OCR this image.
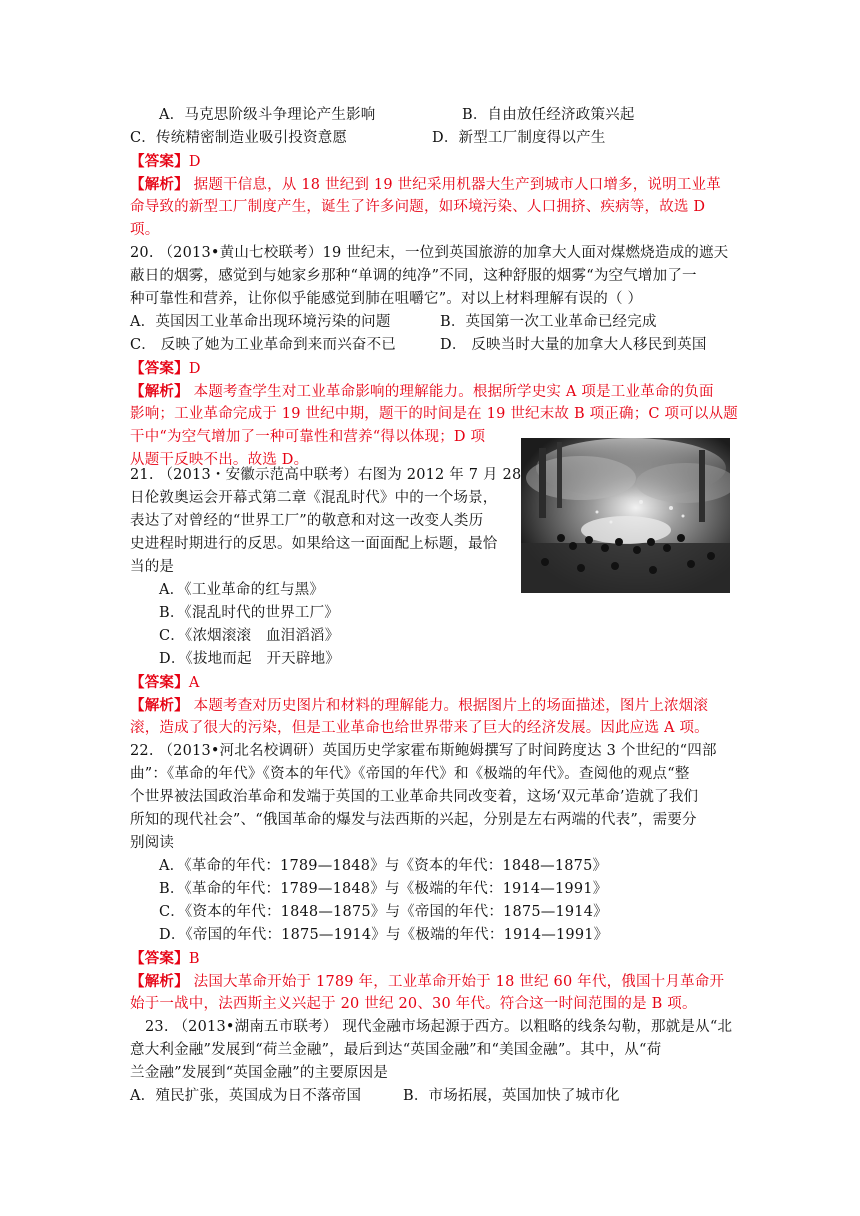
A．马克思阶级斗争理论产生影响	B．自由放任经济政策兴起
C．传统精密制造业吸引投资意愿	D．新型工厂制度得以产生
【答案】D
【解析】 据题干信息，从 18 世纪到 19 世纪采用机器大生产到城市人口增多，说明工业革
命导致的新型工厂制度产生，诞生了许多问题，如环境污染、人口拥挤、疾病等，故选 D
项。
20. （2013•黄山七校联考）19 世纪末，一位到英国旅游的加拿大人面对煤燃烧造成的遮天
蔽日的烟雾，感觉到与她家乡那种“单调的纯净”不同，这种舒服的烟雾“为空气增加了一
种可靠性和营养，让你似乎能感觉到肺在咀嚼它”。对以上材料理解有误的（ ）
A．英国因工业革命出现环境污染的问题	B．英国第一次工业革命已经完成
C． 反映了她为工业革命到来而兴奋不已	D． 反映当时大量的加拿大人移民到英国
【答案】D
【解析】 本题考查学生对工业革命影响的理解能力。根据所学史实 A 项是工业革命的负面
影响；工业革命完成于 19 世纪中期，题干的时间是在 19 世纪末故 B 项正确；C 项可以从题
干中“为空气增加了一种可靠性和营养“得以体现；D 项
从题干反映不出。故选 D。
21. （2013・安徽示范高中联考）右图为 2012 年 7 月 28
日伦敦奥运会开幕式第二章《混乱时代》中的一个场景，
表达了对曾经的“世界工厂”的敬意和对这一改变人类历
史进程时期进行的反思。如果给这一面面配上标题，最恰
当的是
A．《工业革命的红与黑》
B．《混乱时代的世界工厂》
C．《浓烟滚滚　血泪滔滔》
D．《拔地而起　开天辟地》
【答案】A
【解析】 本题考查对历史图片和材料的理解能力。根据图片上的场面描述，图片上浓烟滚
滚，造成了很大的污染，但是工业革命也给世界带来了巨大的经济发展。因此应选 A 项。
22. （2013•河北名校调研）英国历史学家霍布斯鲍姆撰写了时间跨度达 3 个世纪的“四部
曲”：《革命的年代》《资本的年代》《帝国的年代》和《极端的年代》。查阅他的观点“整
个世界被法国政治革命和发端于英国的工业革命共同改变着，这场‘双元革命’造就了我们
所知的现代社会”、“俄国革命的爆发与法西斯的兴起，分别是左右两端的代表”，需要分
别阅读
A．《革命的年代：1789—1848》与《资本的年代：1848—1875》
B．《革命的年代：1789—1848》与《极端的年代：1914—1991》
C．《资本的年代：1848—1875》与《帝国的年代：1875—1914》
D．《帝国的年代：1875—1914》与《极端的年代：1914—1991》
【答案】B
【解析】 法国大革命开始于 1789 年，工业革命开始于 18 世纪 60 年代，俄国十月革命开
始于一战中，法西斯主义兴起于 20 世纪 20、30 年代。符合这一时间范围的是 B 项。
23. （2013•湖南五市联考） 现代金融市场起源于西方。以粗略的线条勾勒，那就是从“北
意大利金融”发展到“荷兰金融”，最后到达“英国金融”和“美国金融”。其中，从“荷
兰金融”发展到“英国金融”的主要原因是
A．殖民扩张，英国成为日不落帝国	B．市场拓展，英国加快了城市化
